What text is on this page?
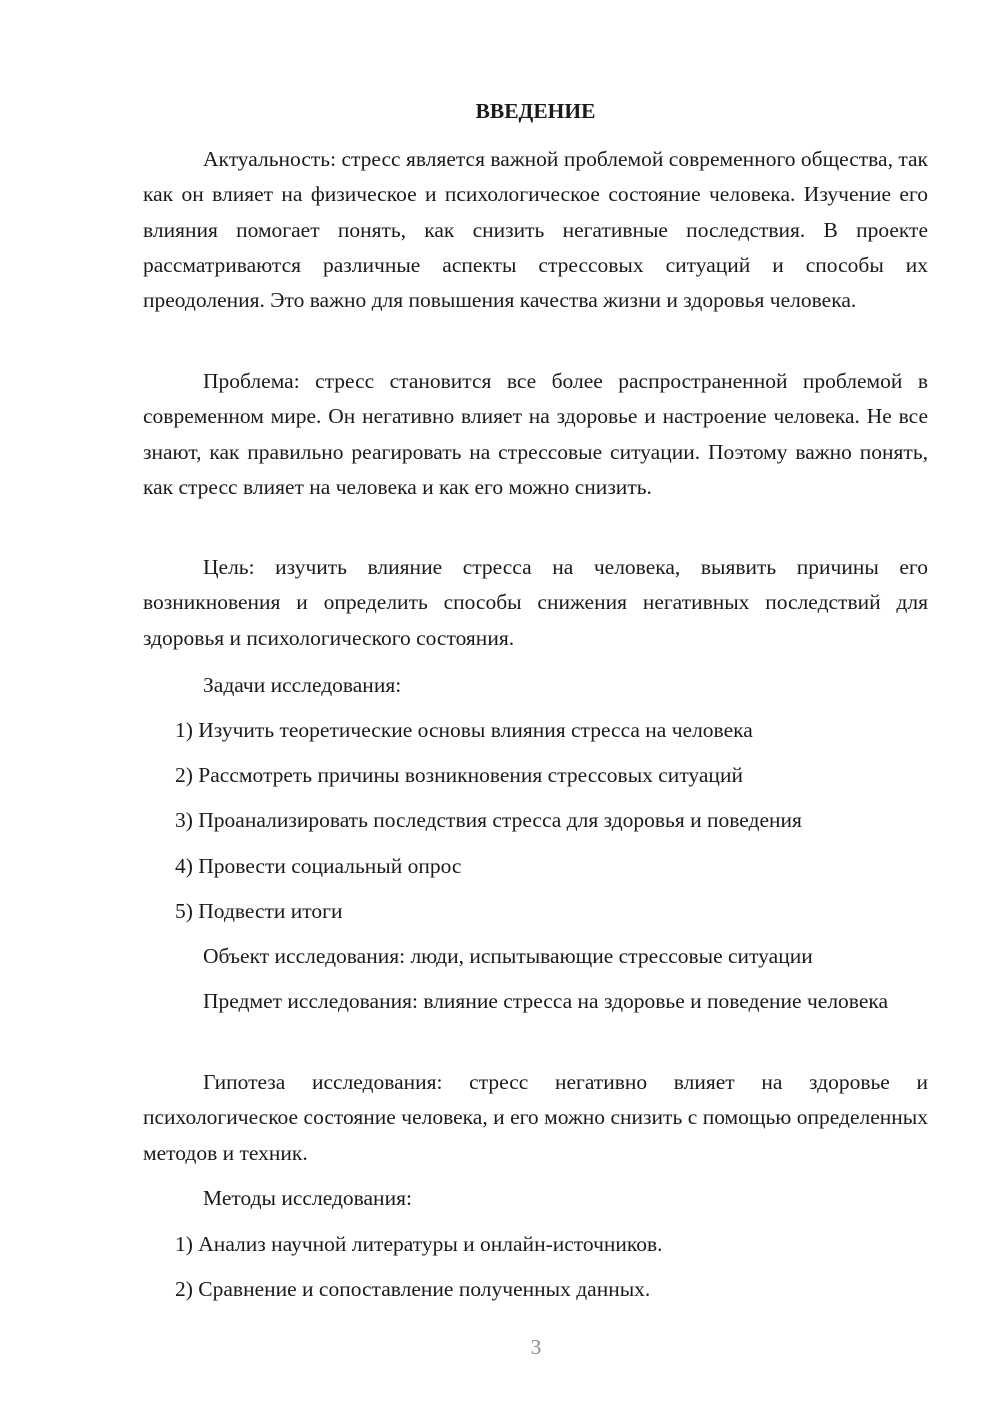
ВВЕДЕНИЕ

Актуальность: стресс является важной проблемой современного общества, так как он влияет на физическое и психологическое состояние человека. Изучение его влияния помогает понять, как снизить негативные последствия. В проекте рассматриваются различные аспекты стрессовых ситуаций и способы их преодоления. Это важно для повышения качества жизни и здоровья человека.

Проблема: стресс становится все более распространенной проблемой в современном мире. Он негативно влияет на здоровье и настроение человека. Не все знают, как правильно реагировать на стрессовые ситуации. Поэтому важно понять, как стресс влияет на человека и как его можно снизить.

Цель: изучить влияние стресса на человека, выявить причины его возникновения и определить способы снижения негативных последствий для здоровья и психологического состояния.

Задачи исследования:
1) Изучить теоретические основы влияния стресса на человека
2) Рассмотреть причины возникновения стрессовых ситуаций
3) Проанализировать последствия стресса для здоровья и поведения
4) Провести социальный опрос
5) Подвести итоги
Объект исследования: люди, испытывающие стрессовые ситуации

Предмет исследования: влияние стресса на здоровье и поведение человека

Гипотеза исследования: стресс негативно влияет на здоровье и психологическое состояние человека, и его можно снизить с помощью определенных методов и техник.

Методы исследования:
1) Анализ научной литературы и онлайн-источников.
2) Сравнение и сопоставление полученных данных.
3
